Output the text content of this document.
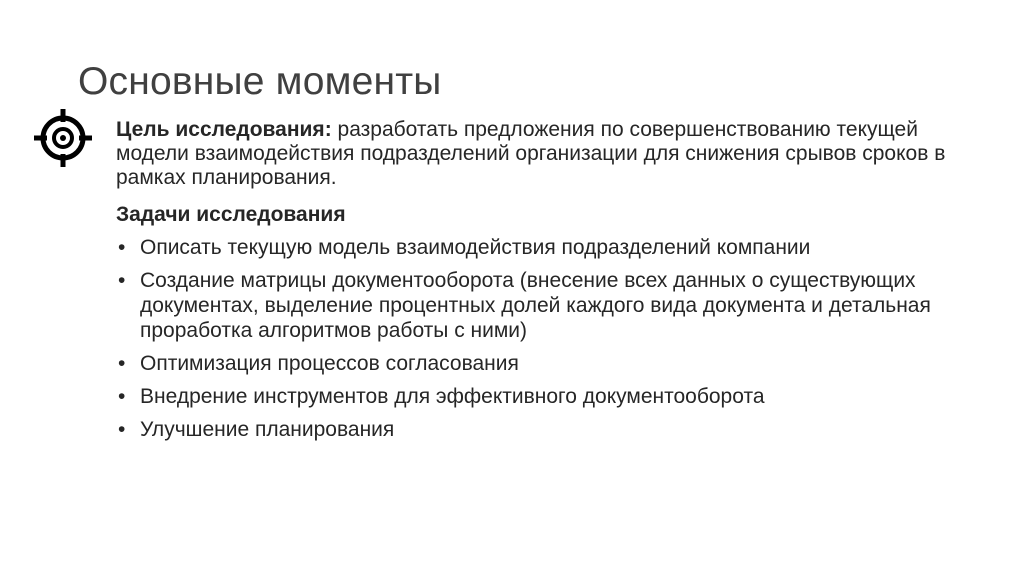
Основные моменты

Цель исследования: разработать предложения по совершенствованию текущей модели взаимодействия подразделений организации для снижения срывов сроков в рамках планирования.

Задачи исследования
• Описать текущую модель взаимодействия подразделений компании
• Создание матрицы документооборота (внесение всех данных о существующих документах, выделение процентных долей каждого вида документа и детальная проработка алгоритмов работы с ними)
• Оптимизация процессов согласования
• Внедрение инструментов для эффективного документооборота
• Улучшение планирования
